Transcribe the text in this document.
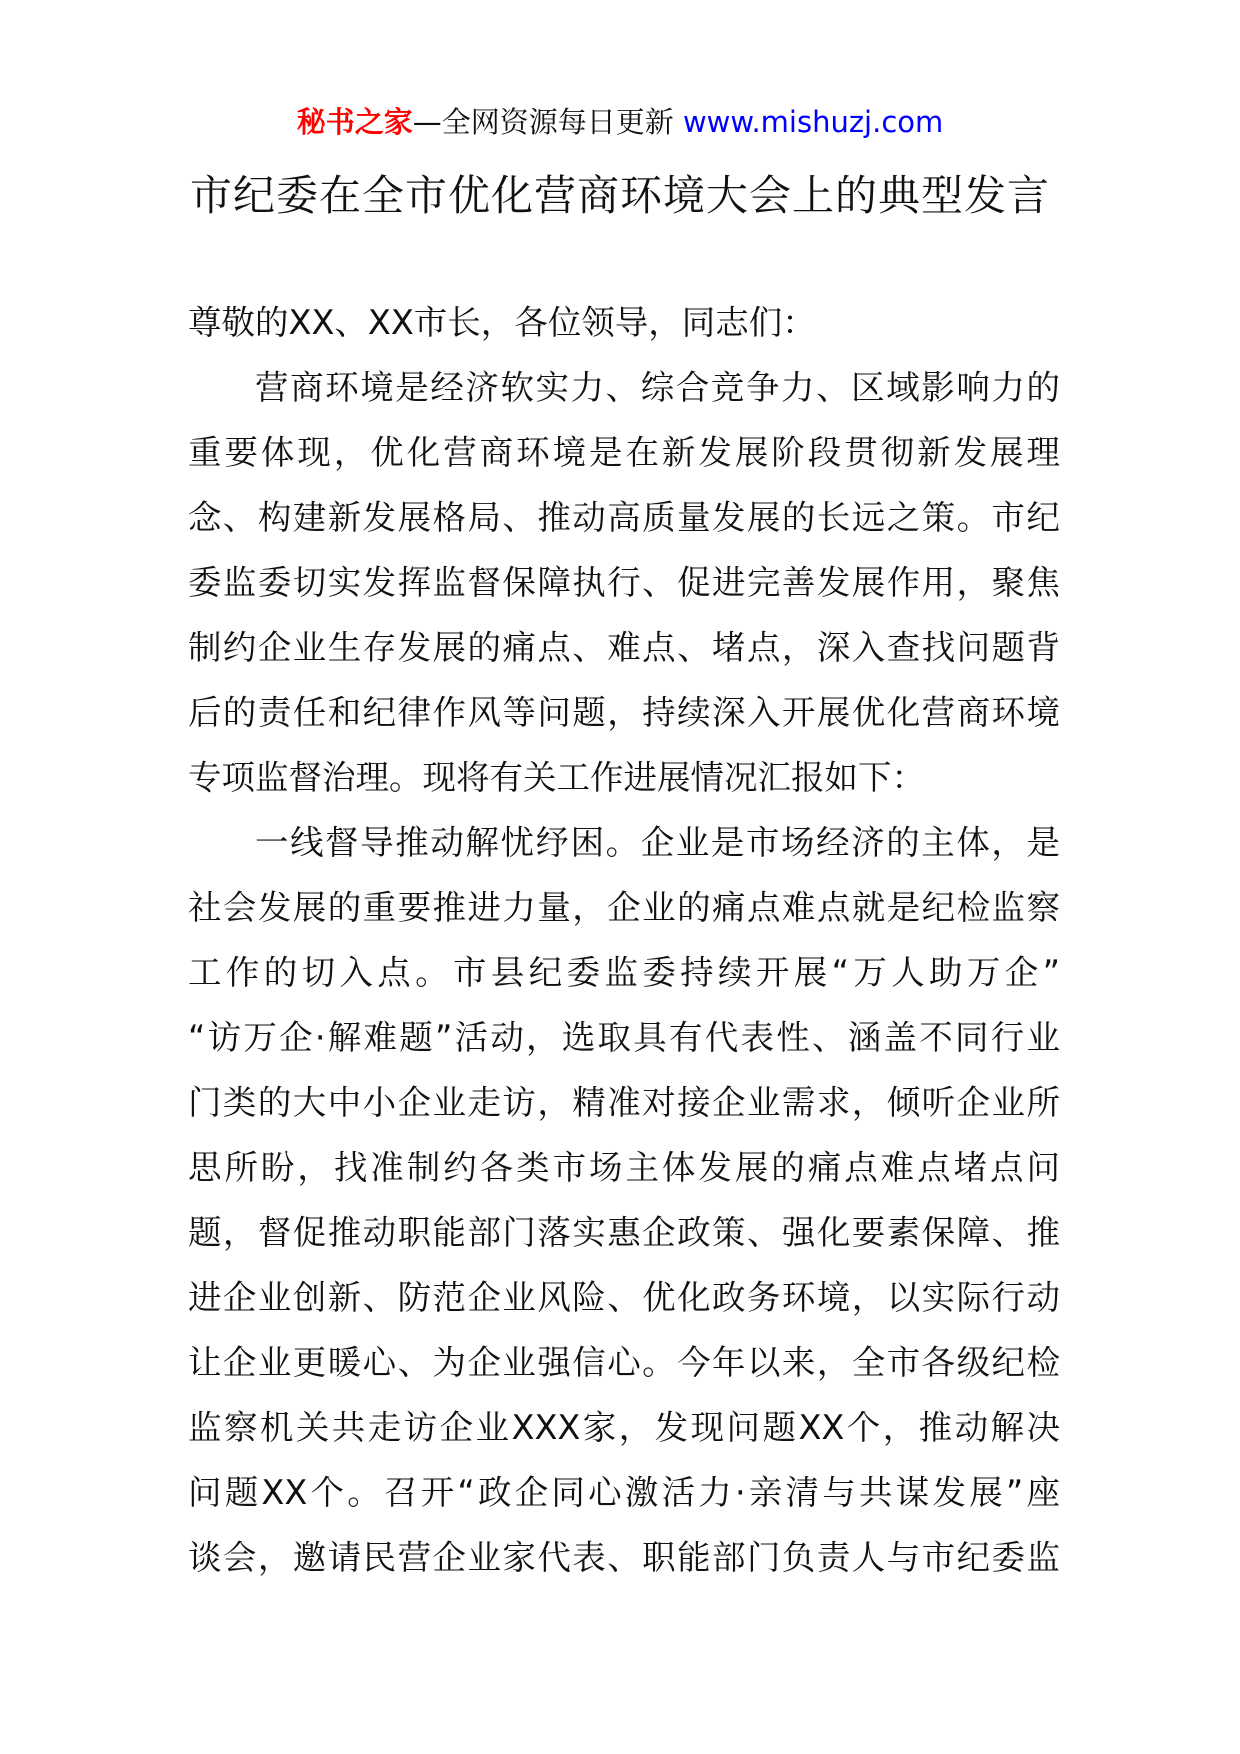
秘书之家—全网资源每日更新 www.mishuzj.com
市纪委在全市优化营商环境大会上的典型发言
尊敬的XX、XX市长，各位领导，同志们：
营商环境是经济软实力、综合竞争力、区域影响力的
重要体现，优化营商环境是在新发展阶段贯彻新发展理
念、构建新发展格局、推动高质量发展的长远之策。市纪
委监委切实发挥监督保障执行、促进完善发展作用，聚焦
制约企业生存发展的痛点、难点、堵点，深入查找问题背
后的责任和纪律作风等问题，持续深入开展优化营商环境
专项监督治理。现将有关工作进展情况汇报如下：
一线督导推动解忧纾困。企业是市场经济的主体，是
社会发展的重要推进力量，企业的痛点难点就是纪检监察
工作的切入点。市县纪委监委持续开展“万人助万企”
“访万企·解难题”活动，选取具有代表性、涵盖不同行业
门类的大中小企业走访，精准对接企业需求，倾听企业所
思所盼，找准制约各类市场主体发展的痛点难点堵点问
题，督促推动职能部门落实惠企政策、强化要素保障、推
进企业创新、防范企业风险、优化政务环境，以实际行动
让企业更暖心、为企业强信心。今年以来，全市各级纪检
监察机关共走访企业XXX家，发现问题XX个，推动解决
问题XX个。召开“政企同心激活力·亲清与共谋发展”座
谈会，邀请民营企业家代表、职能部门负责人与市纪委监
